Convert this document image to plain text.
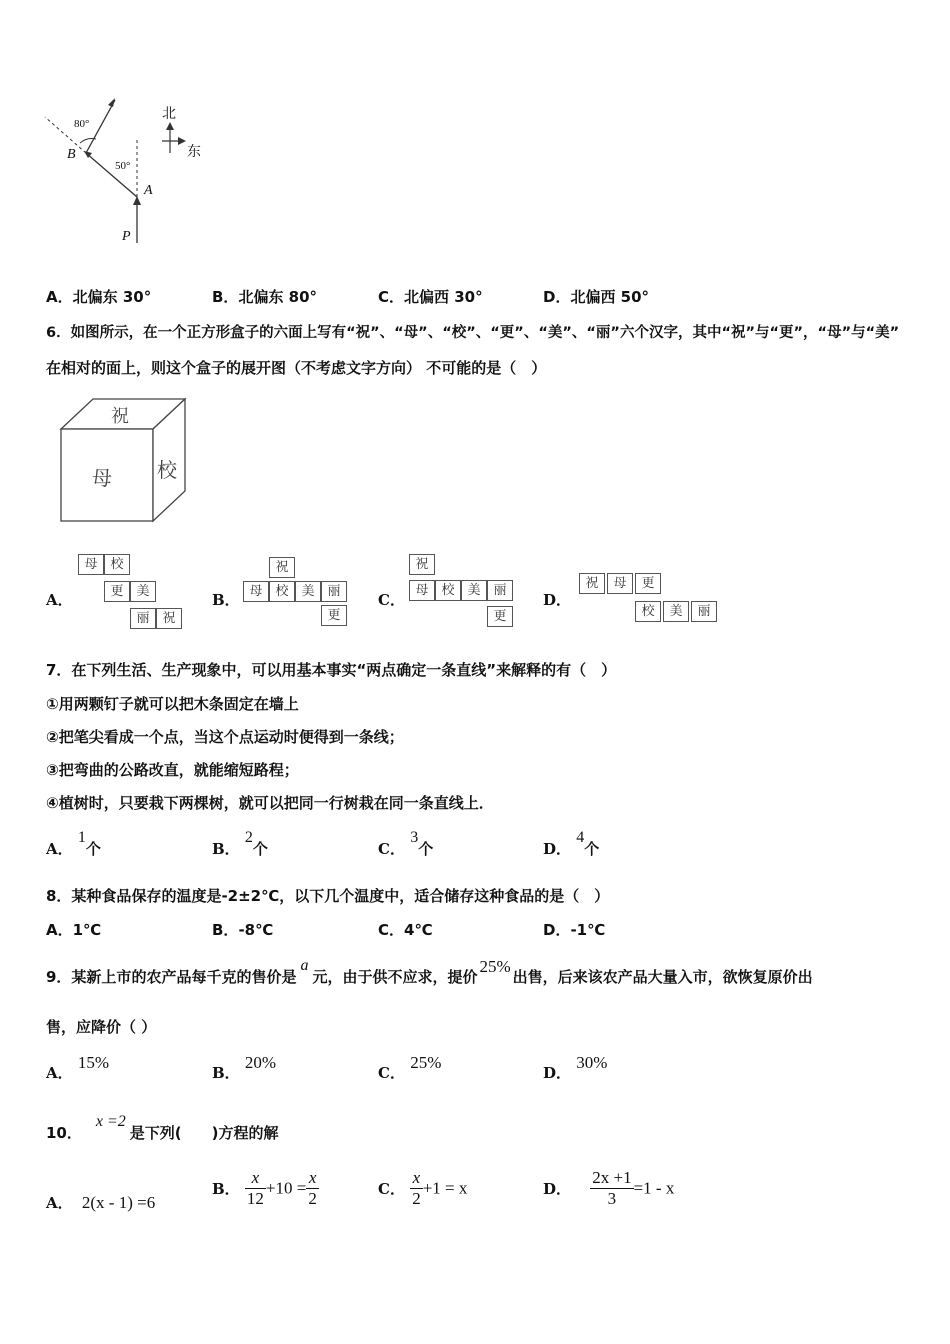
80°
50°
B
A
P
北
东
A．北偏东 30°	B．北偏东 80°	C．北偏西 30°	D．北偏西 50°
6．如图所示，在一个正方形盒子的六面上写有“祝”、“母”、“校”、“更”、“美”、“丽”六个汉字，其中“祝”与“更”，“母”与“美”
在相对的面上，则这个盒子的展开图（不考虑文字方向） 不可能的是（　）
祝
母 校
A．
母 校
更 美
丽 祝
B．
祝
母 校 美 丽
更
C．
祝
母 校 美 丽
更
D．
祝	母	更
校	美	丽
7．在下列生活、生产现象中，可以用基本事实“两点确定一条直线”来解释的有（　）
①用两颗钉子就可以把木条固定在墙上
②把笔尖看成一个点，当这个点运动时便得到一条线；
③把弯曲的公路改直，就能缩短路程；
④植树时，只要栽下两棵树，就可以把同一行树栽在同一条直线上．
A． 1个	B． 2个	C． 3个	D． 4个
8．某种食品保存的温度是-2±2℃，以下几个温度中，适合储存这种食品的是（　）
A．1℃	B．-8℃	C．4℃	D．-1℃
9．某新上市的农产品每千克的售价是a元，由于供不应求，提价25%出售，后来该农产品大量入市，欲恢复原价出
售，应降价（ ）
A． 15%
B． 20%
C． 25%
D． 30%
10．x =2是下列(　　)方程的解
A． 2(x - 1) =6
B． $\frac{x}{12} +10 = \frac{x}{2}$	C． $\frac{x}{2} +1 = x$	D． $\frac{2x +1}{3} =1 - x$
